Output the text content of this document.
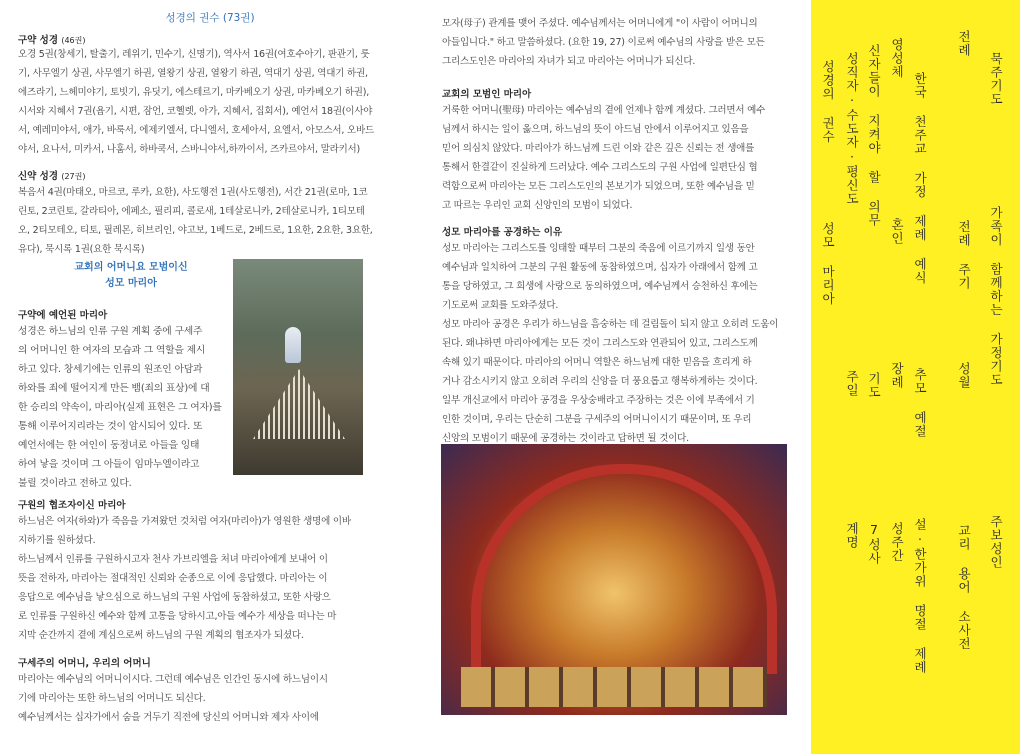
성경의 권수 (73권)
구약 성경 (46권)
오경 5권(창세기, 탈출기, 레위기, 민수기, 신명기), 역사서 16권(여호수아기, 판관기, 룻기, 사무엘기 상권, 사무엘기 하권, 열왕기 상권, 열왕기 하권, 역대기 상권, 역대기 하권, 에즈라기, 느헤미야기, 토빗기, 유딧기, 에스테르기, 마카베오기 상권, 마카베오기 하권), 시서와 지혜서 7권(욥기, 시편, 잠언, 코헬렛, 아가, 지혜서, 집회서), 예언서 18권(이사야서, 예레미야서, 애가, 바룩서, 에제키엘서, 다니엘서, 호세아서, 요엘서, 아모스서, 오바드야서, 요나서, 미카서, 나훔서, 하바쿡서, 스바니야서,하까이서, 즈카르야서, 말라키서)
신약 성경 (27권)
복음서 4권(마태오, 마르코, 루카, 요한), 사도행전 1권(사도행전), 서간 21권(로마, 1코린토, 2코린토, 갈라티아, 에페소, 필리피, 콜로새, 1테살로니카, 2테살로니카, 1티모테오, 2티모테오, 티토, 필레몬, 히브리인, 야고보, 1베드로, 2베드로, 1요한, 2요한, 3요한, 유다), 묵시록 1권(요한 묵시록)
교회의 어머니요 모범이신
성모 마리아
구약에 예언된 마리아
성경은 하느님의 인류 구원 계획 중에 구세주
의 어머니인 한 여자의 모습과 그 역할을 제시
하고 있다. 창세기에는 인류의 원조인 아담과
하와를 죄에 떨어지게 만든 뱀(죄의 표상)에 대
한 승리의 약속이, 마리아(실제 표현은 그 여자)를
통해 이루어지리라는 것이 암시되어 있다. 또
예언서에는 한 여인이 동정녀로 아들을 잉태
하여 낳을 것이며 그 아들이 임마누엘이라고
불릴 것이라고 전하고 있다.
구원의 협조자이신 마리아
하느님은 여자(하와)가 죽음을 가져왔던 것처럼 여자(마리아)가 영원한 생명에 이바
지하기를 원하셨다.
하느님께서 인류를 구원하시고자 천사 가브리엘을 처녀 마리아에게 보내어 이
뜻을 전하자, 마리아는 절대적인 신뢰와 순종으로 이에 응답했다. 마리아는 이
응답으로 예수님을 낳으심으로 하느님의 구원 사업에 동참하셨고, 또한 사랑으
로 인류를 구원하신 예수와 함께 고통을 당하시고,아들 예수가 세상을 떠나는 마
지막 순간까지 곁에 계심으로써 하느님의 구원 계획의 협조자가 되셨다.
구세주의 어머니, 우리의 어머니
마리아는 예수님의 어머니이시다. 그런데 예수님은 인간인 동시에 하느님이시
기에 마리아는 또한 하느님의 어머니도 되신다.
예수님께서는 십자가에서 숨을 거두기 직전에 당신의 어머니와 제자 사이에
모자(母子) 관계를 맺어 주셨다. 예수님께서는 어머니에게 "이 사람이 어머니의
아들입니다." 하고 말씀하셨다. (요한 19, 27) 이로써 예수님의 사랑을 받은 모든
그리스도인은 마리아의 자녀가 되고 마리아는 어머니가 되신다.
교회의 모범인 마리아
거룩한 어머니(聖母) 마리아는 예수님의 곁에 언제나 함께 계셨다. 그러면서 예수
님께서 하시는 일이 옳으며, 하느님의 뜻이 아드님 안에서 이루어지고 있음을
믿어 의심치 않았다. 마리아가 하느님께 드린 이와 같은 깊은 신뢰는 전 생애를
통해서 한결같이 진실하게 드러났다. 예수 그리스도의 구원 사업에 일편단심 협
력함으로써 마리아는 모든 그리스도인의 본보기가 되었으며, 또한 예수님을 믿
고 따르는 우리인 교회 신앙인의 모범이 되었다.
성모 마리아를 공경하는 이유
성모 마리아는 그리스도를 잉태할 때부터 그분의 죽음에 이르기까지 일생 동안
예수님과 일치하여 그분의 구원 활동에 동참하였으며, 십자가 아래에서 함께 고
통을 당하였고, 그 희생에 사랑으로 동의하였으며, 예수님께서 승천하신 후에는
기도로써 교회를 도와주셨다.
성모 마리아 공경은 우리가 하느님을 흠숭하는 데 걸림돌이 되지 않고 오히려 도움이
된다. 왜냐하면 마리아에게는 모든 것이 그리스도와 연관되어 있고, 그리스도께
속해 있기 때문이다. 마리아의 어머니 역할은 하느님께 대한 믿음을 흐리게 하
거나 감소시키지 않고 오히려 우리의 신앙을 더 풍요롭고 행복하게하는 것이다.
일부 개신교에서 마리아 공경을 우상숭배라고 주장하는 것은 이에 부족에서 기
인한 것이며, 우리는 단순히 그분을 구세주의 어머니이시기 때문이며, 또 우리
신앙의 모범이기 때문에 공경하는 것이라고 답하면 될 것이다.
묵주기도
가족이 함께하는 가정기도
주보성인
전례
전례 주기
성월
교리 용어 소사전
한국 천주교 가정 제례 예식
추모 예절
설·한가위 명절 제례
영성체
혼인
장례
성주간
신자들이 지켜야 할 의무
기도
7성사
성직자·수도자·평신도
주일
계명
성경의 권수
성모 마리아
